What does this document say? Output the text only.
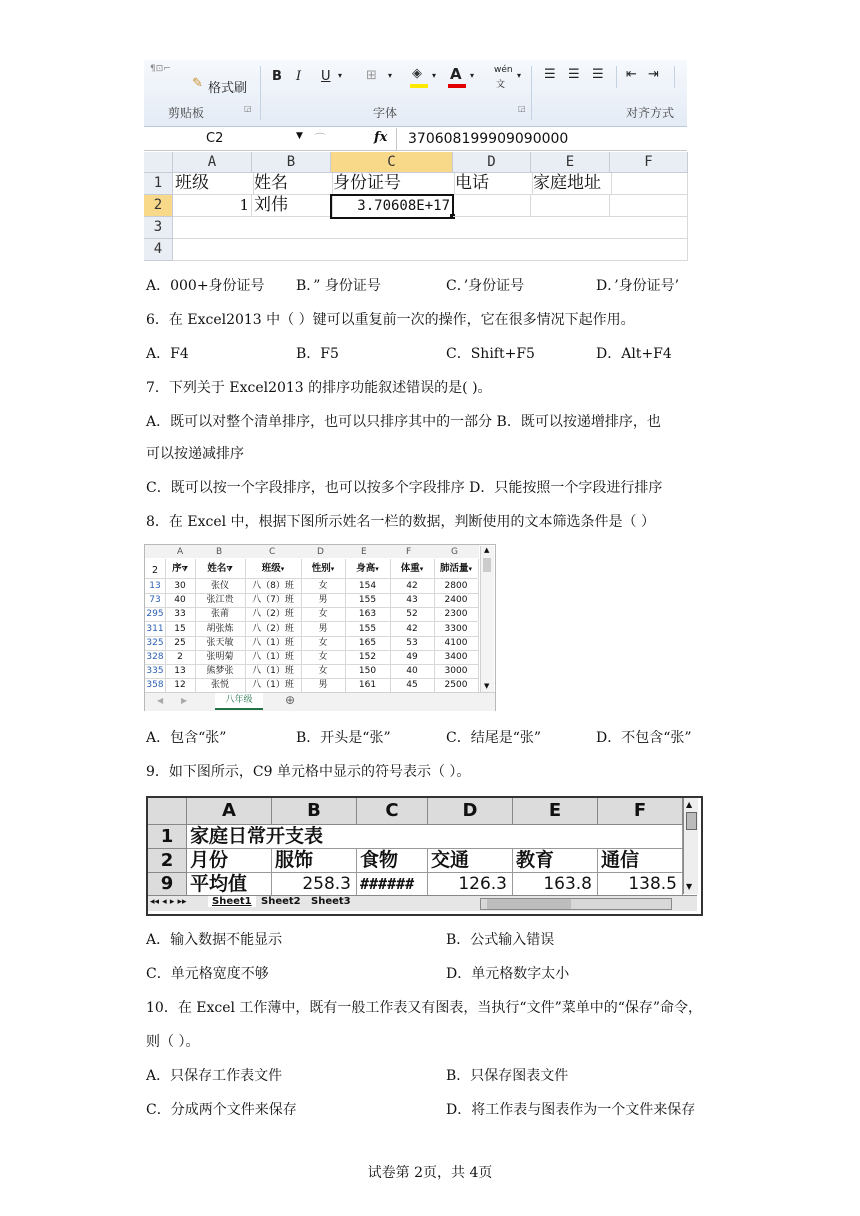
¶⊡⌐
✎ 格式刷
剪贴板	◲
B I U ▾ ⊞ ▾ ◈ ▾ A ▾
wén
文
▾
字体	◲
☰ ☰ ☰ ⇤ ⇥
对齐方式
C2	▼ ⌒	fx 370608199909090000
A	B	C	D	E	F
1
2
3
4
班级	姓名	身份证号	电话	家庭地址
1 刘伟	3.70608E+17
A．000+身份证号 B．” 身份证号	C．’身份证号	D．’身份证号’
6．在 Excel2013 中（ ）键可以重复前一次的操作，它在很多情况下起作用。
A．F4	B．F5	C．Shift+F5	D．Alt+F4
7．下列关于 Excel2013 的排序功能叙述错误的是( )。
A．既可以对整个清单排序，也可以只排序其中的一部分 B．既可以按递增排序，也
可以按递减排序
C．既可以按一个字段排序，也可以按多个字段排序 D．只能按照一个字段进行排序
8．在 Excel 中，根据下图所示姓名一栏的数据，判断使用的文本筛选条件是（ ）
A	B	C	D	E	F	G
2	序⧩	姓名⧩	班级▾	性别▾	身高▾	体重▾	肺活量▾
13	30	张仪	八（8）班	女	154	42	2800
73	40	张江贵	八（7）班	男	155	43	2400
295	33	张莆	八（2）班	女	163	52	2300
311	15	胡张炼	八（2）班	男	155	42	3300
325	25	张天敏	八（1）班	女	165	53	4100
328	2	张明菊	八（1）班	女	152	49	3400
335	13	熊梦张	八（1）班	女	150	40	3000
358	12	张悦	八（1）班	男	161	45	2500
▲
▼
◀ ▶	八年级	⊕
A．包含“张”	B．开头是“张”	C．结尾是“张”	D．不包含“张”
9．如下图所示，C9 单元格中显示的符号表示（ ）。
A	B	C	D	E	F
1
2
9
家庭日常开支表
月份	服饰	食物	交通	教育	通信
平均值	258.3 ######	126.3	163.8	138.5
▲
▼
◂◂ ◂ ▸ ▸▸	Sheet1 Sheet2 Sheet3
A．输入数据不能显示	B．公式输入错误
C．单元格宽度不够	D．单元格数字太小
10．在 Excel 工作薄中，既有一般工作表又有图表，当执行“文件”菜单中的“保存”命令，
则（ ）。
A．只保存工作表文件	B．只保存图表文件
C．分成两个文件来保存	D．将工作表与图表作为一个文件来保存
试卷第 2页，共 4页
